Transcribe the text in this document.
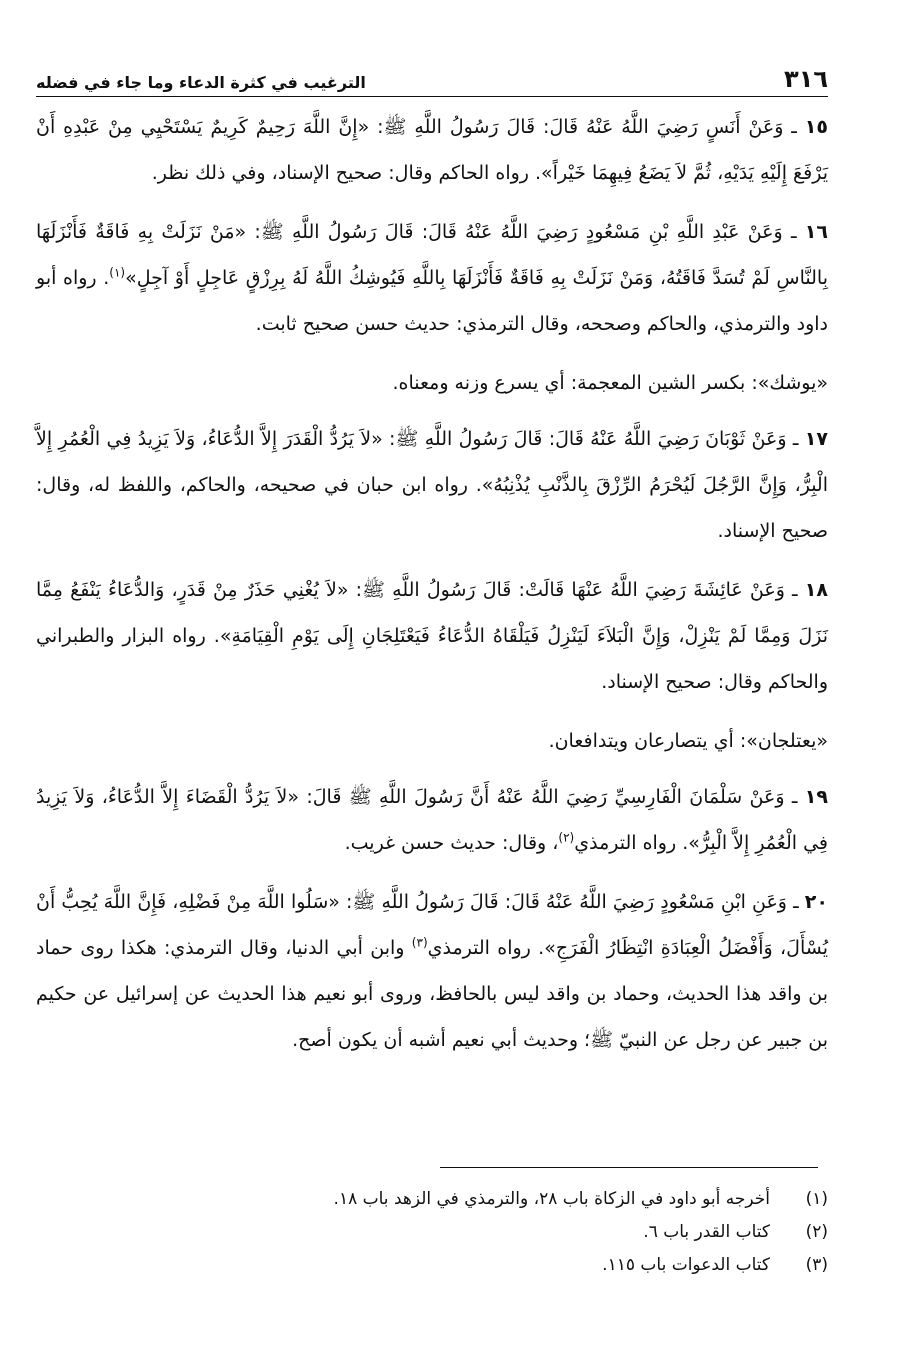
٣١٦
الترغيب في كثرة الدعاء وما جاء في فضله

١٥ ـ وَعَنْ أَنَسٍ رَضِيَ اللَّهُ عَنْهُ قَالَ: قَالَ رَسُولُ اللَّهِ ﷺ: «إِنَّ اللَّهَ رَحِيمٌ كَرِيمٌ يَسْتَحْيِي مِنْ عَبْدِهِ أَنْ يَرْفَعَ إِلَيْهِ يَدَيْهِ، ثُمَّ لاَ يَضَعُ فِيهِمَا خَيْراً». رواه الحاكم وقال: صحيح الإسناد، وفي ذلك نظر.

١٦ ـ وَعَنْ عَبْدِ اللَّهِ بْنِ مَسْعُودٍ رَضِيَ اللَّهُ عَنْهُ قَالَ: قَالَ رَسُولُ اللَّهِ ﷺ: «مَنْ نَزَلَتْ بِهِ فَاقَةٌ فَأَنْزَلَهَا بِالنَّاسِ لَمْ تُسَدَّ فَاقَتُهُ، وَمَنْ نَزَلَتْ بِهِ فَاقَةٌ فَأَنْزَلَهَا بِاللَّهِ فَيُوشِكُ اللَّهُ لَهُ بِرِزْقٍ عَاجِلٍ أَوْ آجِلٍ»$^{(١)}$. رواه أبو داود والترمذي، والحاكم وصححه، وقال الترمذي: حديث حسن صحيح ثابت.

«يوشك»: بكسر الشين المعجمة: أي يسرع وزنه ومعناه.

١٧ ـ وَعَنْ ثَوْبَانَ رَضِيَ اللَّهُ عَنْهُ قَالَ: قَالَ رَسُولُ اللَّهِ ﷺ: «لاَ يَرُدُّ الْقَدَرَ إِلاَّ الدُّعَاءُ، وَلاَ يَزِيدُ فِي الْعُمُرِ إِلاَّ الْبِرُّ، وَإِنَّ الرَّجُلَ لَيُحْرَمُ الرِّزْقَ بِالذَّنْبِ يُذْنِبُهُ». رواه ابن حبان في صحيحه، والحاكم، واللفظ له، وقال: صحيح الإسناد.

١٨ ـ وَعَنْ عَائِشَةَ رَضِيَ اللَّهُ عَنْهَا قَالَتْ: قَالَ رَسُولُ اللَّهِ ﷺ: «لاَ يُغْنِي حَذَرٌ مِنْ قَدَرٍ، وَالدُّعَاءُ يَنْفَعُ مِمَّا نَزَلَ وَمِمَّا لَمْ يَنْزِلْ، وَإِنَّ الْبَلاَءَ لَيَنْزِلُ فَيَلْقَاهُ الدُّعَاءُ فَيَعْتَلِجَانِ إِلَى يَوْمِ الْقِيَامَةِ». رواه البزار والطبراني والحاكم وقال: صحيح الإسناد.

«يعتلجان»: أي يتصارعان ويتدافعان.

١٩ ـ وَعَنْ سَلْمَانَ الْفَارِسِيِّ رَضِيَ اللَّهُ عَنْهُ أَنَّ رَسُولَ اللَّهِ ﷺ قَالَ: «لاَ يَرُدُّ الْقَضَاءَ إِلاَّ الدُّعَاءُ، وَلاَ يَزِيدُ فِي الْعُمُرِ إِلاَّ الْبِرُّ». رواه الترمذي$^{(٢)}$، وقال: حديث حسن غريب.

٢٠ ـ وَعَنِ ابْنِ مَسْعُودٍ رَضِيَ اللَّهُ عَنْهُ قَالَ: قَالَ رَسُولُ اللَّهِ ﷺ: «سَلُوا اللَّهَ مِنْ فَضْلِهِ، فَإِنَّ اللَّهَ يُحِبُّ أَنْ يُسْأَلَ، وَأَفْضَلُ الْعِبَادَةِ انْتِظَارُ الْفَرَجِ». رواه الترمذي$^{(٣)}$ وابن أبي الدنيا، وقال الترمذي: هكذا روى حماد بن واقد هذا الحديث، وحماد بن واقد ليس بالحافظ، وروى أبو نعيم هذا الحديث عن إسرائيل عن حكيم بن جبير عن رجل عن النبيّ ﷺ؛ وحديث أبي نعيم أشبه أن يكون أصح.

(١)
أخرجه أبو داود في الزكاة باب ٢٨، والترمذي في الزهد باب ١٨.
(٢)
كتاب القدر باب ٦.
(٣)
كتاب الدعوات باب ١١٥.
